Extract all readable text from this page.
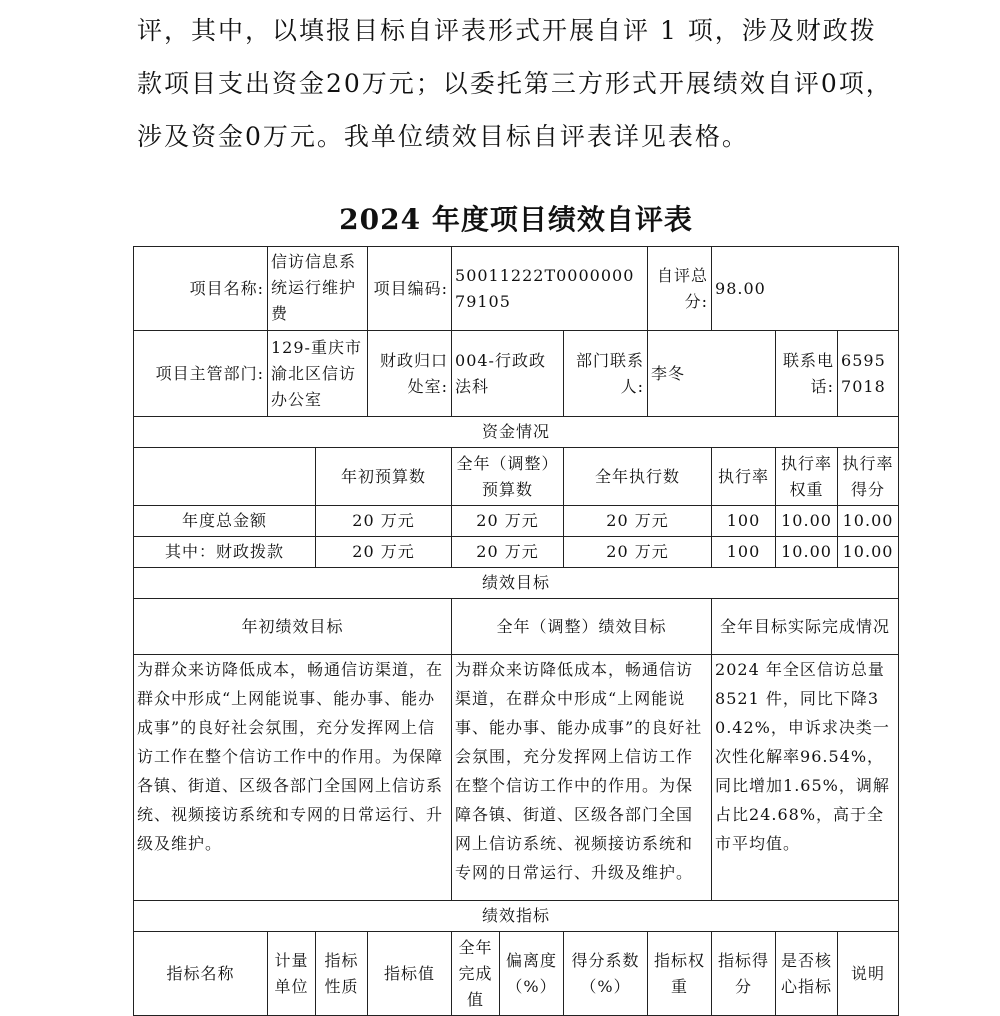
评，其中，以填报目标自评表形式开展自评 1 项，涉及财政拨款项目支出资金20万元；以委托第三方形式开展绩效自评0项，涉及资金0万元。我单位绩效目标自评表详见表格。

2024 年度项目绩效自评表
项目名称:	信访信息系统运行维护费		项目编码:	50011222T000000079105			自评总分:	98.00		
项目主管部门:	129-重庆市渝北区信访办公室		财政归口处室:	004-行政政法科		部门联系人:	李冬		联系电话:	65957018
资金情况										
		年初预算数		全年（调整）预算数		全年执行数		执行率	执行率权重	执行率得分
年度总金额		20 万元		20 万元		20 万元		100	10.00	10.00
其中：财政拨款		20 万元		20 万元		20 万元		100	10.00	10.00
绩效目标										
年初绩效目标				全年（调整）绩效目标				全年目标实际完成情况		
为群众来访降低成本，畅通信访渠道，在群众中形成“上网能说事、能办事、能办成事”的良好社会氛围，充分发挥网上信访工作在整个信访工作中的作用。为保障各镇、街道、区级各部门全国网上信访系统、视频接访系统和专网的日常运行、升级及维护。				为群众来访降低成本，畅通信访渠道，在群众中形成“上网能说事、能办事、能办成事”的良好社会氛围，充分发挥网上信访工作在整个信访工作中的作用。为保障各镇、街道、区级各部门全国网上信访系统、视频接访系统和专网的日常运行、升级及维护。				2024 年全区信访总量8521 件，同比下降30.42%，申诉求决类一次性化解率96.54%，同比增加1.65%，调解占比24.68%，高于全市平均值。		
绩效指标										
指标名称	计量单位	指标性质	指标值	全年完成值	偏离度（%）	得分系数（%）	指标权重	指标得分	是否核心指标	说明
